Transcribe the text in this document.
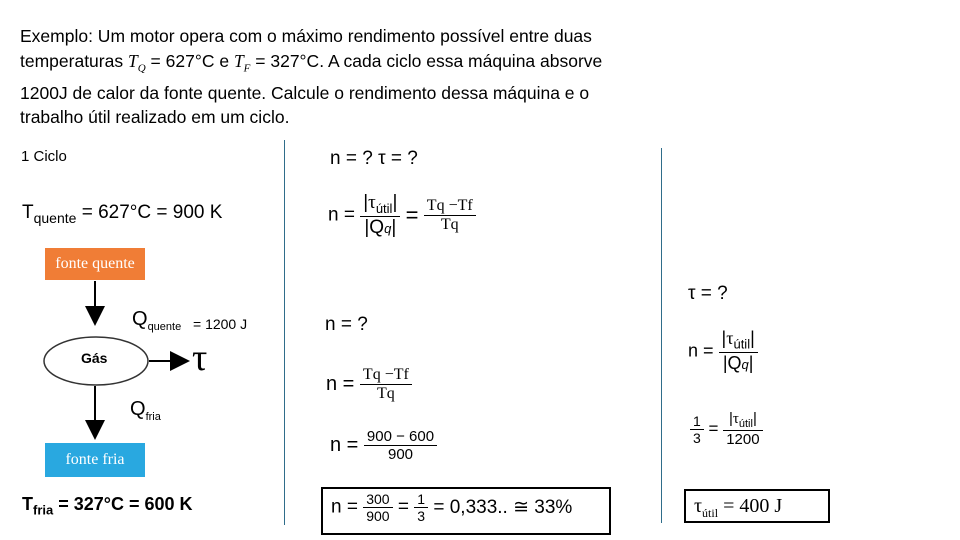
Exemplo: Um motor opera com o máximo rendimento possível entre duas
temperaturas $T_Q = 627^\circ C$ e $T_F = 327^\circ C$. A cada ciclo essa máquina absorve
1200J de calor da fonte quente. Calcule o rendimento dessa máquina e o
trabalho útil realizado em um ciclo.
1 Ciclo
$T_{quente} = 627^\circ C = 900$ K
fonte quente
Gás τ
$Q_{quente} = 1200$ J
$Q_{fria}$
fonte fria
$T_{fria} = 327^\circ C = 600$ K
n = ? τ = ?
$n = \frac{|\tau_{útil}|}{|Qq|} = \frac{Tq -Tf}{Tq}$
n = ?
$n = \frac{Tq -Tf}{Tq}$
$n = \frac{900 - 600}{900}$
$n = \frac{300}{900} = \frac{1}{3} = 0,333$.. ≅ 33%
τ = ?
$n = \frac{|\tau_{útil}|}{|Qq|}$
$\frac{1}{3} = \frac{|\tau_{útil}|}{1200}$
$\tau_{útil} = 400$ J
